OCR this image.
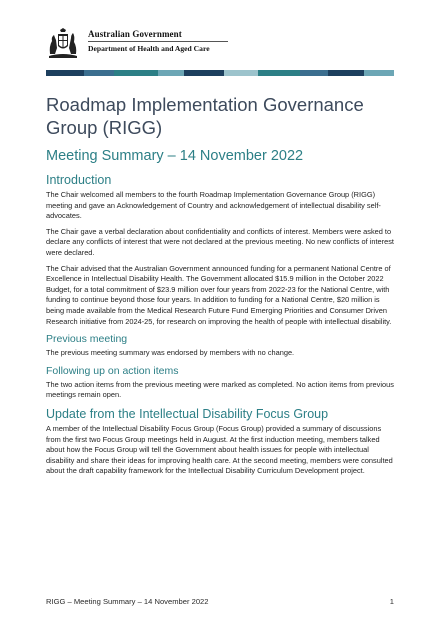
Australian Government
Department of Health and Aged Care
Roadmap Implementation Governance Group (RIGG)
Meeting Summary – 14 November 2022
Introduction

The Chair welcomed all members to the fourth Roadmap Implementation Governance Group (RIGG) meeting and gave an Acknowledgement of Country and acknowledgement of intellectual disability self-advocates.

The Chair gave a verbal declaration about confidentiality and conflicts of interest. Members were asked to declare any conflicts of interest that were not declared at the previous meeting. No new conflicts of interest were declared.

The Chair advised that the Australian Government announced funding for a permanent National Centre of Excellence in Intellectual Disability Health. The Government allocated $15.9 million in the October 2022 Budget, for a total commitment of $23.9 million over four years from 2022-23 for the National Centre, with funding to continue beyond those four years. In addition to funding for a National Centre, $20 million is being made available from the Medical Research Future Fund Emerging Priorities and Consumer Driven Research initiative from 2024-25, for research on improving the health of people with intellectual disability.

Previous meeting

The previous meeting summary was endorsed by members with no change.

Following up on action items

The two action items from the previous meeting were marked as completed. No action items from previous meetings remain open.

Update from the Intellectual Disability Focus Group

A member of the Intellectual Disability Focus Group (Focus Group) provided a summary of discussions from the first two Focus Group meetings held in August. At the first induction meeting, members talked about how the Focus Group will tell the Government about health issues for people with intellectual disability and share their ideas for improving health care. At the second meeting, members were consulted about the draft capability framework for the Intellectual Disability Curriculum Development project.

RIGG – Meeting Summary – 14 November 2022	1
